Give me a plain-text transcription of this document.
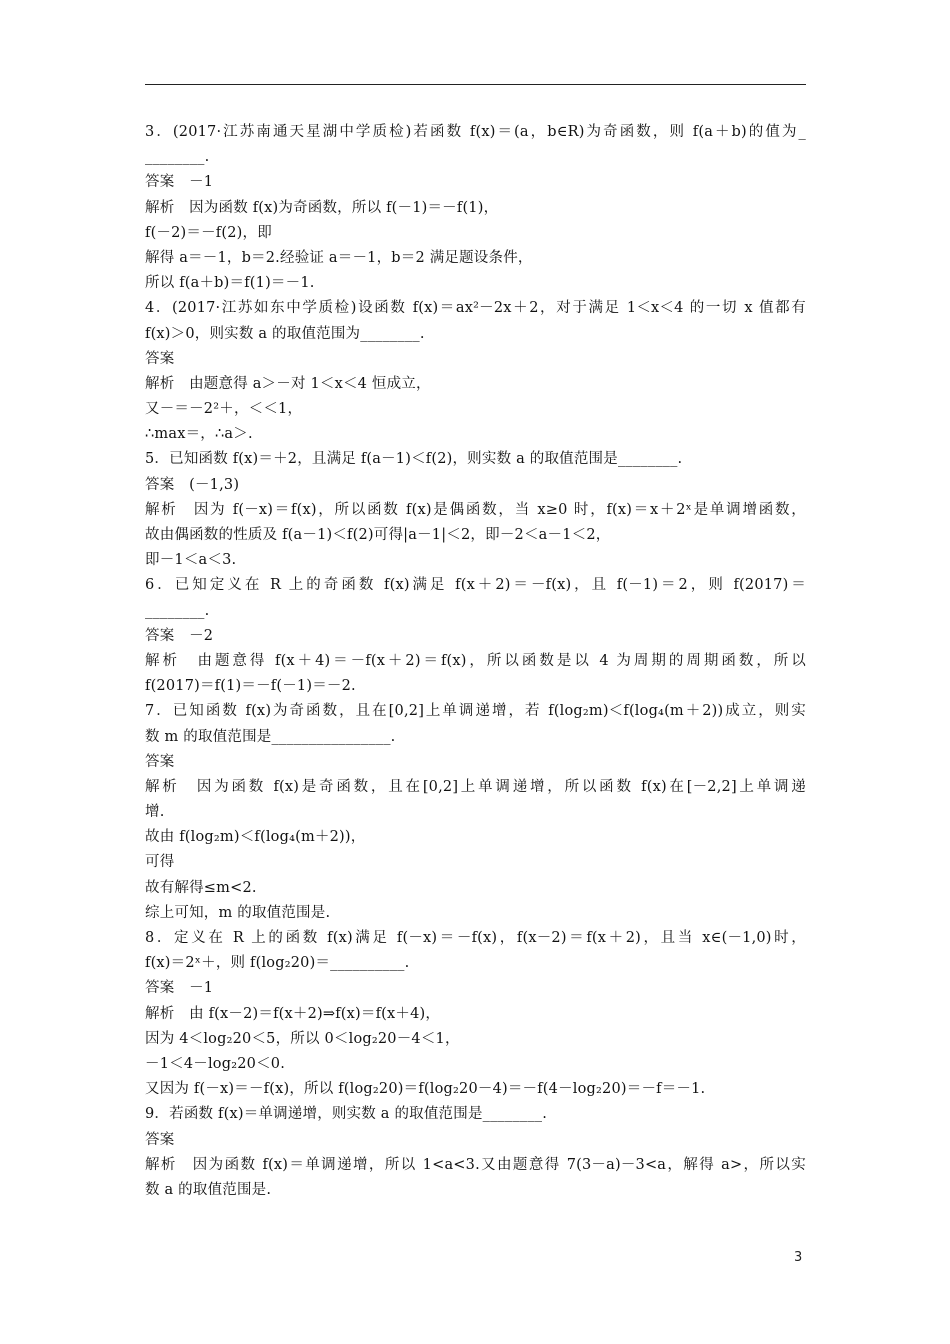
3．(2017·江苏南通天星湖中学质检)若函数 f(x)＝(a，b∈R)为奇函数，则 f(a＋b)的值为_
________.
答案　－1
解析　因为函数 f(x)为奇函数，所以 f(－1)＝－f(1)，
f(－2)＝－f(2)，即
解得 a＝－1，b＝2.经验证 a＝－1，b＝2 满足题设条件，
所以 f(a＋b)＝f(1)＝－1.
4．(2017·江苏如东中学质检)设函数 f(x)＝ax²－2x＋2，对于满足 1＜x＜4 的一切 x 值都有
f(x)＞0，则实数 a 的取值范围为________.
答案
解析　由题意得 a＞－对 1＜x＜4 恒成立，
又－＝－2²＋，＜＜1，
∴max＝，∴a＞.
5．已知函数 f(x)＝＋2，且满足 f(a－1)＜f(2)，则实数 a 的取值范围是________.
答案　(－1,3)
解析　因为 f(－x)＝f(x)，所以函数 f(x)是偶函数，当 x≥0 时，f(x)＝x＋2ˣ是单调增函数，
故由偶函数的性质及 f(a－1)＜f(2)可得|a－1|＜2，即－2＜a－1＜2，
即－1＜a＜3.
6．已知定义在 R 上的奇函数 f(x)满足 f(x＋2)＝－f(x)，且 f(－1)＝2，则 f(2017)＝
________.
答案　－2
解析　由题意得 f(x＋4)＝－f(x＋2)＝f(x)，所以函数是以 4 为周期的周期函数，所以
f(2017)＝f(1)＝－f(－1)＝－2.
7．已知函数 f(x)为奇函数，且在[0,2]上单调递增，若 f(log₂m)＜f(log₄(m＋2))成立，则实
数 m 的取值范围是________________.
答案
解析　因为函数 f(x)是奇函数，且在[0,2]上单调递增，所以函数 f(x)在[－2,2]上单调递
增.
故由 f(log₂m)＜f(log₄(m＋2))，
可得
故有解得≤m<2.
综上可知，m 的取值范围是.
8．定义在 R 上的函数 f(x)满足 f(－x)＝－f(x)，f(x－2)＝f(x＋2)，且当 x∈(－1,0)时，
f(x)＝2ˣ＋，则 f(log₂20)＝__________.
答案　－1
解析　由 f(x－2)＝f(x＋2)⇒f(x)＝f(x＋4)，
因为 4＜log₂20＜5，所以 0＜log₂20－4＜1，
－1＜4－log₂20＜0.
又因为 f(－x)＝－f(x)，所以 f(log₂20)＝f(log₂20－4)＝－f(4－log₂20)＝－f＝－1.
9．若函数 f(x)＝单调递增，则实数 a 的取值范围是________.
答案
解析　因为函数 f(x)＝单调递增，所以 1<a<3.又由题意得 7(3－a)－3<a，解得 a>，所以实
数 a 的取值范围是.
3
